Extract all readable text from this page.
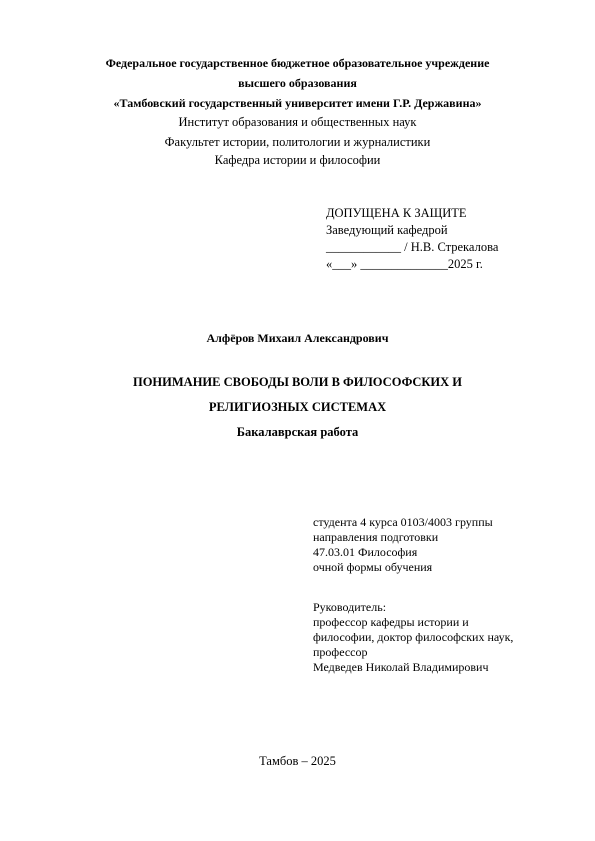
Федеральное государственное бюджетное образовательное учреждение
высшего образования
«Тамбовский государственный университет имени Г.Р. Державина»
Институт образования и общественных наук
Факультет истории, политологии и журналистики
Кафедра истории и философии
ДОПУЩЕНА К ЗАЩИТЕ
Заведующий кафедрой
____________ / Н.В. Стрекалова
«___» ______________2025 г.
Алфёров Михаил Александрович
ПОНИМАНИЕ СВОБОДЫ ВОЛИ В ФИЛОСОФСКИХ И
РЕЛИГИОЗНЫХ СИСТЕМАХ
Бакалаврская работа
студента 4 курса 0103/4003 группы
направления подготовки
47.03.01 Философия
очной формы обучения
Руководитель:
профессор кафедры истории и
философии, доктор философских наук,
профессор
Медведев Николай Владимирович
Тамбов – 2025
